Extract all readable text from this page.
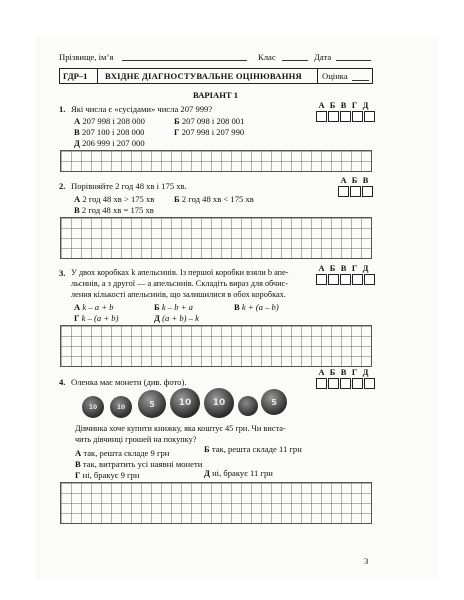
Прізвище, ім’я	Клас	Дата
ГДР–1 ВХІДНЕ ДІАГНОСТУВАЛЬНЕ ОЦІНЮВАННЯ Оцінка
ВАРІАНТ 1
1. Які числа є «сусідами» числа 207 999?	А Б В Г Д
А 207 998 і 208 000	Б 207 098 і 208 001
В 207 100 і 208 000	Г 207 998 і 207 990
Д 206 999 і 207 000
2. Порівняйте 2 год 48 хв і 175 хв.
А Б В
А 2 год 48 хв > 175 хв Б 2 год 48 хв < 175 хв
В 2 год 48 хв = 175 хв
3. У двох коробках k апельсинів. Із першої коробки взяли b апе-
льсинів, а з другої — a апельсинів. Складіть вираз для обчис-
лення кількості апельсинів, що залишилися в обох коробках.
А Б В Г Д
А k – a + b	Б k – b + a	В k + (a – b)
Г k – (a + b)	Д (a + b) – k
4. Оленка має монети (див. фото).
А Б В Г Д
10	10	5	10 10	5
Дівчинка хоче купити книжку, яка коштує 45 грн. Чи виста-
чить дівчинці грошей на покупку?
А так, решта складе 9 грн	Б так, решта складе 11 грн
В так, витратить усі наявні монети
Г ні, бракує 9 грн	Д ні, бракує 11 грн
3
